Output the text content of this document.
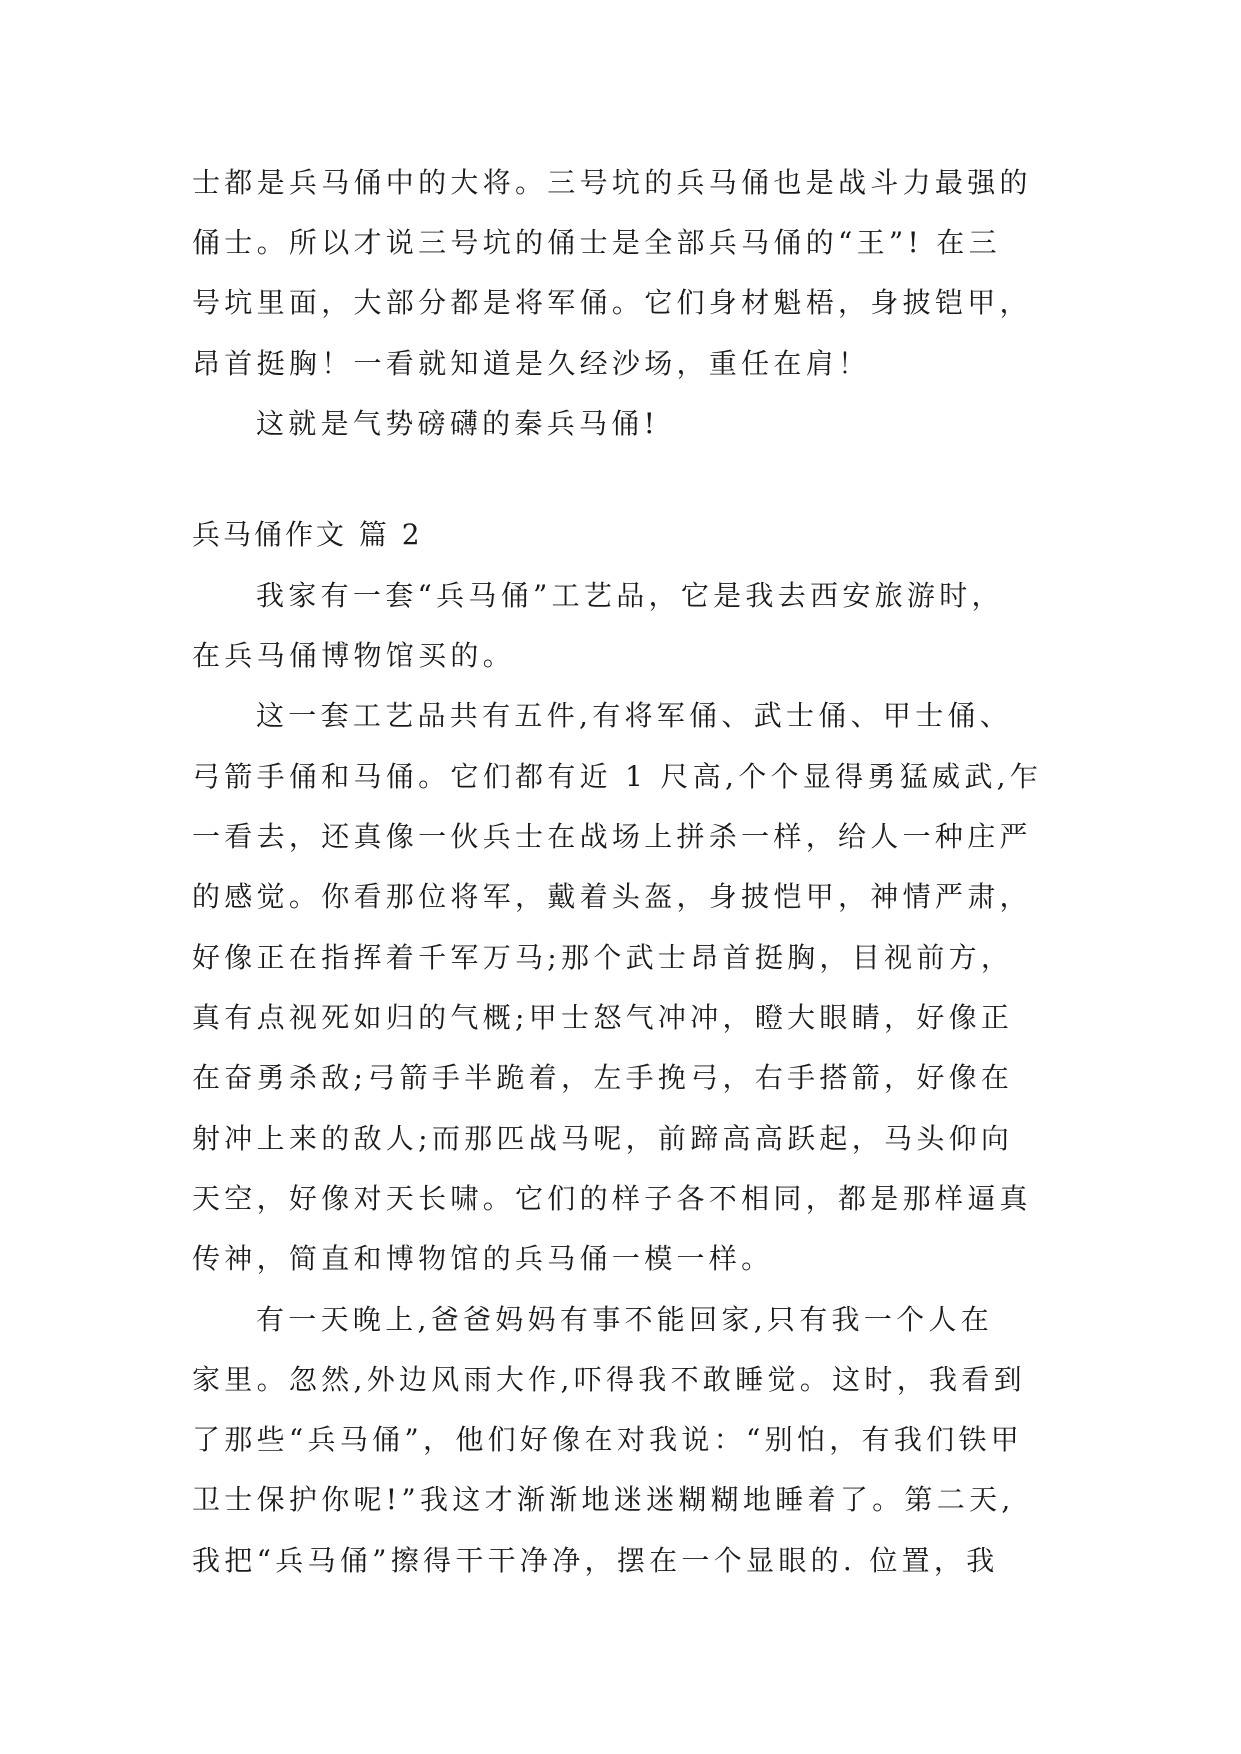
士都是兵马俑中的大将。三号坑的兵马俑也是战斗力最强的
俑士。所以才说三号坑的俑士是全部兵马俑的“王”! 在三
号坑里面，大部分都是将军俑。它们身材魁梧，身披铠甲，
昂首挺胸！一看就知道是久经沙场，重任在肩！
这就是气势磅礴的秦兵马俑!
兵马俑作文 篇 2
我家有一套“兵马俑”工艺品，它是我去西安旅游时，
在兵马俑博物馆买的。
这一套工艺品共有五件,有将军俑、武士俑、甲士俑、
弓箭手俑和马俑。它们都有近 1 尺高,个个显得勇猛威武,乍
一看去，还真像一伙兵士在战场上拼杀一样，给人一种庄严
的感觉。你看那位将军，戴着头盔，身披恺甲，神情严肃，
好像正在指挥着千军万马;那个武士昂首挺胸，目视前方，
真有点视死如归的气概;甲士怒气冲冲，瞪大眼睛，好像正
在奋勇杀敌;弓箭手半跪着，左手挽弓，右手搭箭，好像在
射冲上来的敌人;而那匹战马呢，前蹄高高跃起，马头仰向
天空，好像对天长啸。它们的样子各不相同，都是那样逼真
传神，简直和博物馆的兵马俑一模一样。
有一天晚上,爸爸妈妈有事不能回家,只有我一个人在
家里。忽然,外边风雨大作,吓得我不敢睡觉。这时，我看到
了那些“兵马俑”，他们好像在对我说：“别怕，有我们铁甲
卫士保护你呢!”我这才渐渐地迷迷糊糊地睡着了。第二天,
我把“兵马俑”擦得干干净净，摆在一个显眼的. 位置，我
